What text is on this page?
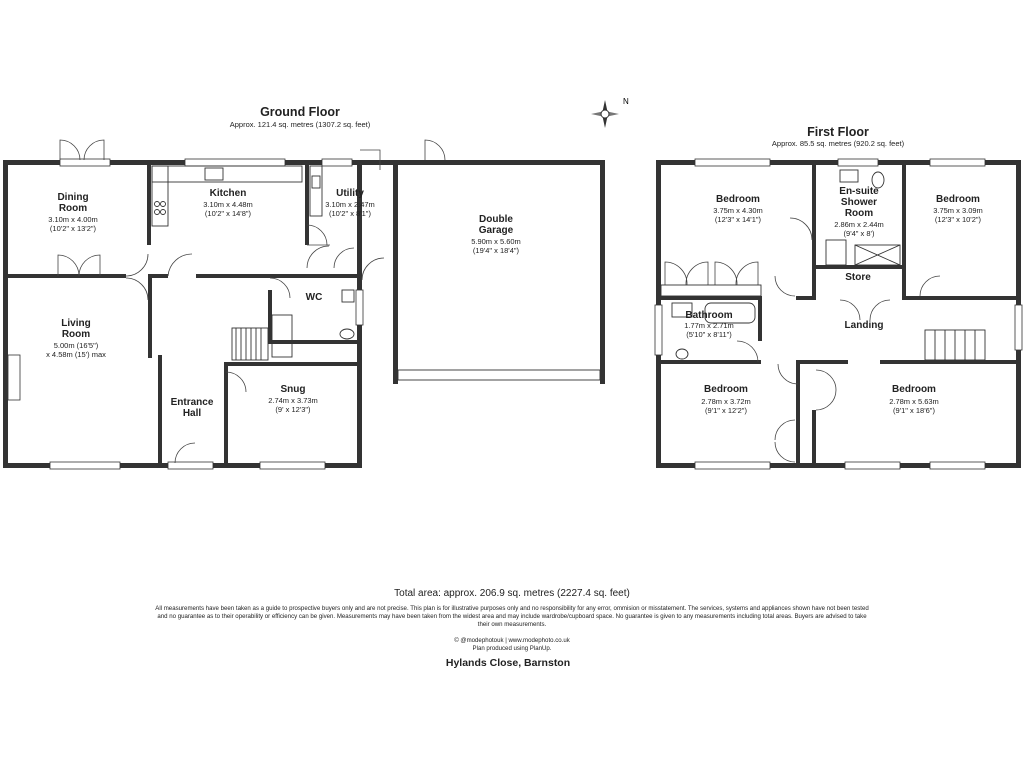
N
Ground Floor
Approx. 121.4 sq. metres (1307.2 sq. feet)
Dining
Room
3.10m x 4.00m
(10'2" x 13'2")
Kitchen
3.10m x 4.48m
(10'2" x 14'8")
Utility
3.10m x 2.47m
(10'2" x 8'1")
Double
Garage
5.90m x 5.60m
(19'4" x 18'4")
Living
Room
5.00m (16'5")
x 4.58m (15') max
WC
Entrance
Hall
Snug
2.74m x 3.73m
(9' x 12'3")
First Floor
Approx. 85.5 sq. metres (920.2 sq. feet)
Bedroom
3.75m x 4.30m
(12'3" x 14'1")
En-suite
Shower
Room
2.86m x 2.44m
(9'4" x 8')
Bedroom
3.75m x 3.09m
(12'3" x 10'2")
Store
Bathroom
1.77m x 2.71m
(5'10" x 8'11")
Landing
Bedroom
2.78m x 3.72m
(9'1" x 12'2")
Bedroom
2.78m x 5.63m
(9'1" x 18'6")
Total area: approx. 206.9 sq. metres (2227.4 sq. feet)
All measurements have been taken as a guide to prospective buyers only and are not precise. This plan is for illustrative purposes only and no responsibility for any error, ommision or misstatement. The services, systems and appliances shown have not been tested and no guarantee as to their operability or efficiency can be given. Measurements may have been taken from the widest area and may include wardrobe/cupboard space. No guarantee is given to any measurements including total areas. Buyers are advised to take their own measurements.
© @modephotouk | www.modephoto.co.uk
Plan produced using PlanUp.
Hylands Close, Barnston
